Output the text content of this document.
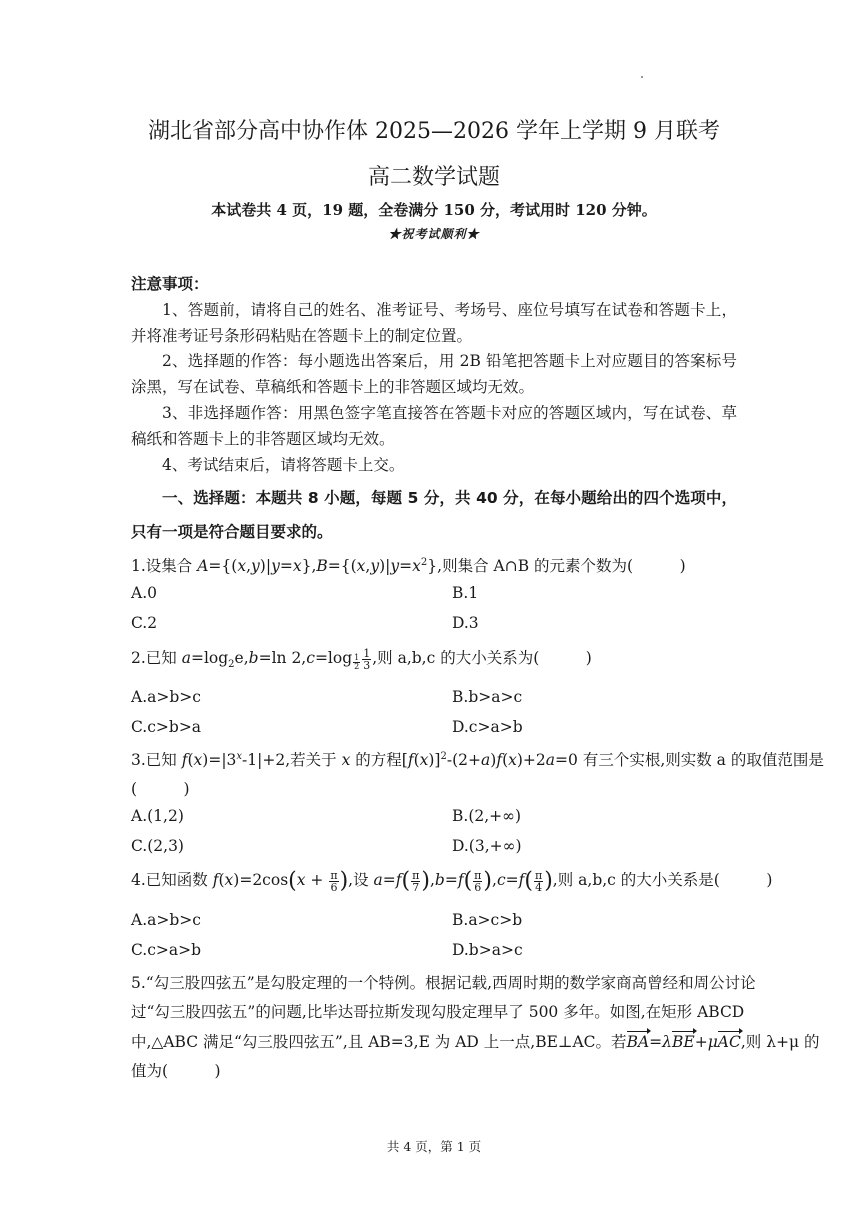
湖北省部分高中协作体 2025—2026 学年上学期 9 月联考
高二数学试题
本试卷共 4 页，19 题，全卷满分 150 分，考试用时 120 分钟。
★祝考试顺利★
注意事项：
1、答题前，请将自己的姓名、准考证号、考场号、座位号填写在试卷和答题卡上，并将准考证号条形码粘贴在答题卡上的制定位置。
2、选择题的作答：每小题选出答案后，用 2B 铅笔把答题卡上对应题目的答案标号涂黑，写在试卷、草稿纸和答题卡上的非答题区域均无效。
3、非选择题作答：用黑色签字笔直接答在答题卡对应的答题区域内，写在试卷、草稿纸和答题卡上的非答题区域均无效。
4、考试结束后，请将答题卡上交。
一、选择题：本题共 8 小题，每题 5 分，共 40 分，在每小题给出的四个选项中，只有一项是符合题目要求的。
1.设集合 $A=\{(x,y)|y=x\},B=\{(x,y)|y=x^2\}$,则集合 A∩B 的元素个数为(　　　)
A.0	B.1
C.2	D.3
2.已知 $a=\log_2e,b=\ln$ $2,c=\log \frac{1}{2} \frac{1}{3}$ ,则 a,b,c 的大小关系为(　　　)
A.a>b>c	B.b>a>c
C.c>b>a	D.c>a>b
3.已知 $f(x)=|3^x-1|+2$,若关于 x 的方程$[f(x)]^2-(2+a)f(x)+2a=0$ 有三个实根,则实数 a 的取值范围是
(　　　)
A.(1,2)	B.(2,+∞)
C.(2,3)	D.(3,+∞)
4.已知函数 $f(x)=2\cos(x + \frac{\pi}{6}$ ),设 $a=f( \frac{\pi}{7} ),b=f( \frac{\pi}{6} ),c=f( \frac{\pi}{4}$ ),则 a,b,c 的大小关系是(　　　)
A.a>b>c	B.a>c>b
C.c>a>b	D.b>a>c
5.“勾三股四弦五”是勾股定理的一个特例。根据记载,西周时期的数学家商高曾经和周公讨论
过“勾三股四弦五”的问题,比毕达哥拉斯发现勾股定理早了 500 多年。如图,在矩形 ABCD
中,△ABC 满足“勾三股四弦五”,且 AB=3,E 为 AD 上一点,BE⊥AC。若BA=λBE+μAC,则 λ+μ 的
值为(　　　)
共 4 页，第 1 页
